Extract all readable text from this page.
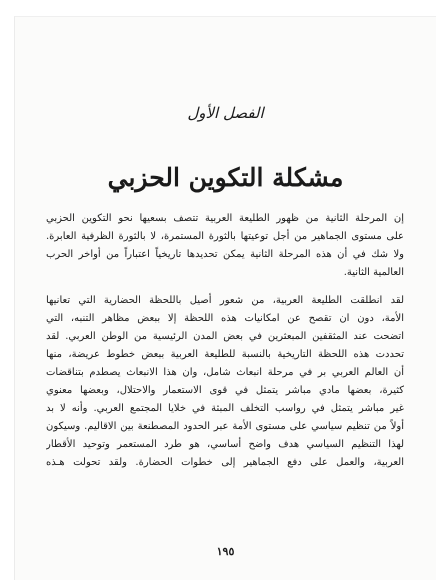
الفصل الأول
مشكلة التكوين الحزبي

إن المرحلة الثانية من ظهور الطليعة العربية تتصف بسعيها نحو التكوين الحزبي
على مستوى الجماهير من أجل توعيتها بالثورة المستمرة، لا بالثورة الظرفية العابرة.
ولا شك في أن هذه المرحلة الثانية يمكن تحديدها تاريخياً اعتباراً من أواخر الحرب
العالمية الثانية.

لقد انطلقت الطليعة العربية، من شعور أصيل باللحظة الحضارية التي تعانيها
الأمة، دون ان تقصح عن امكانيات هذه اللحظة إلا ببعض مظاهر التنبه، التي
اتضحت عند المثقفين المبعثرين في بعض المدن الرئيسية من الوطن العربي. لقد
تحددت هذه اللحظة التاريخية بالنسبة للطليعة العربية ببعض خطوط عريضة، منها
أن العالم العربي بر في مرحلة انبعاث شامل، وان هذا الانبعاث يصطدم بتناقضات
كثيرة، بعضها مادي مباشر يتمثل في قوى الاستعمار والاحتلال، وبعضها معنوي
غير مباشر يتمثل في رواسب التخلف المبثة في خلايا المجتمع العربي. وأنه لا بد
أولاً من تنظيم سياسي على مستوى الأمة عبر الحدود المصطنعة بين الاقاليم. وسيكون
لهذا التنظيم السياسي هدف واضح أساسي، هو طرد المستعمر وتوحيد الأقطار
العربية، والعمل على دفع الجماهير إلى خطوات الحضارة. ولقد تحولت هـذه

١٩٥
